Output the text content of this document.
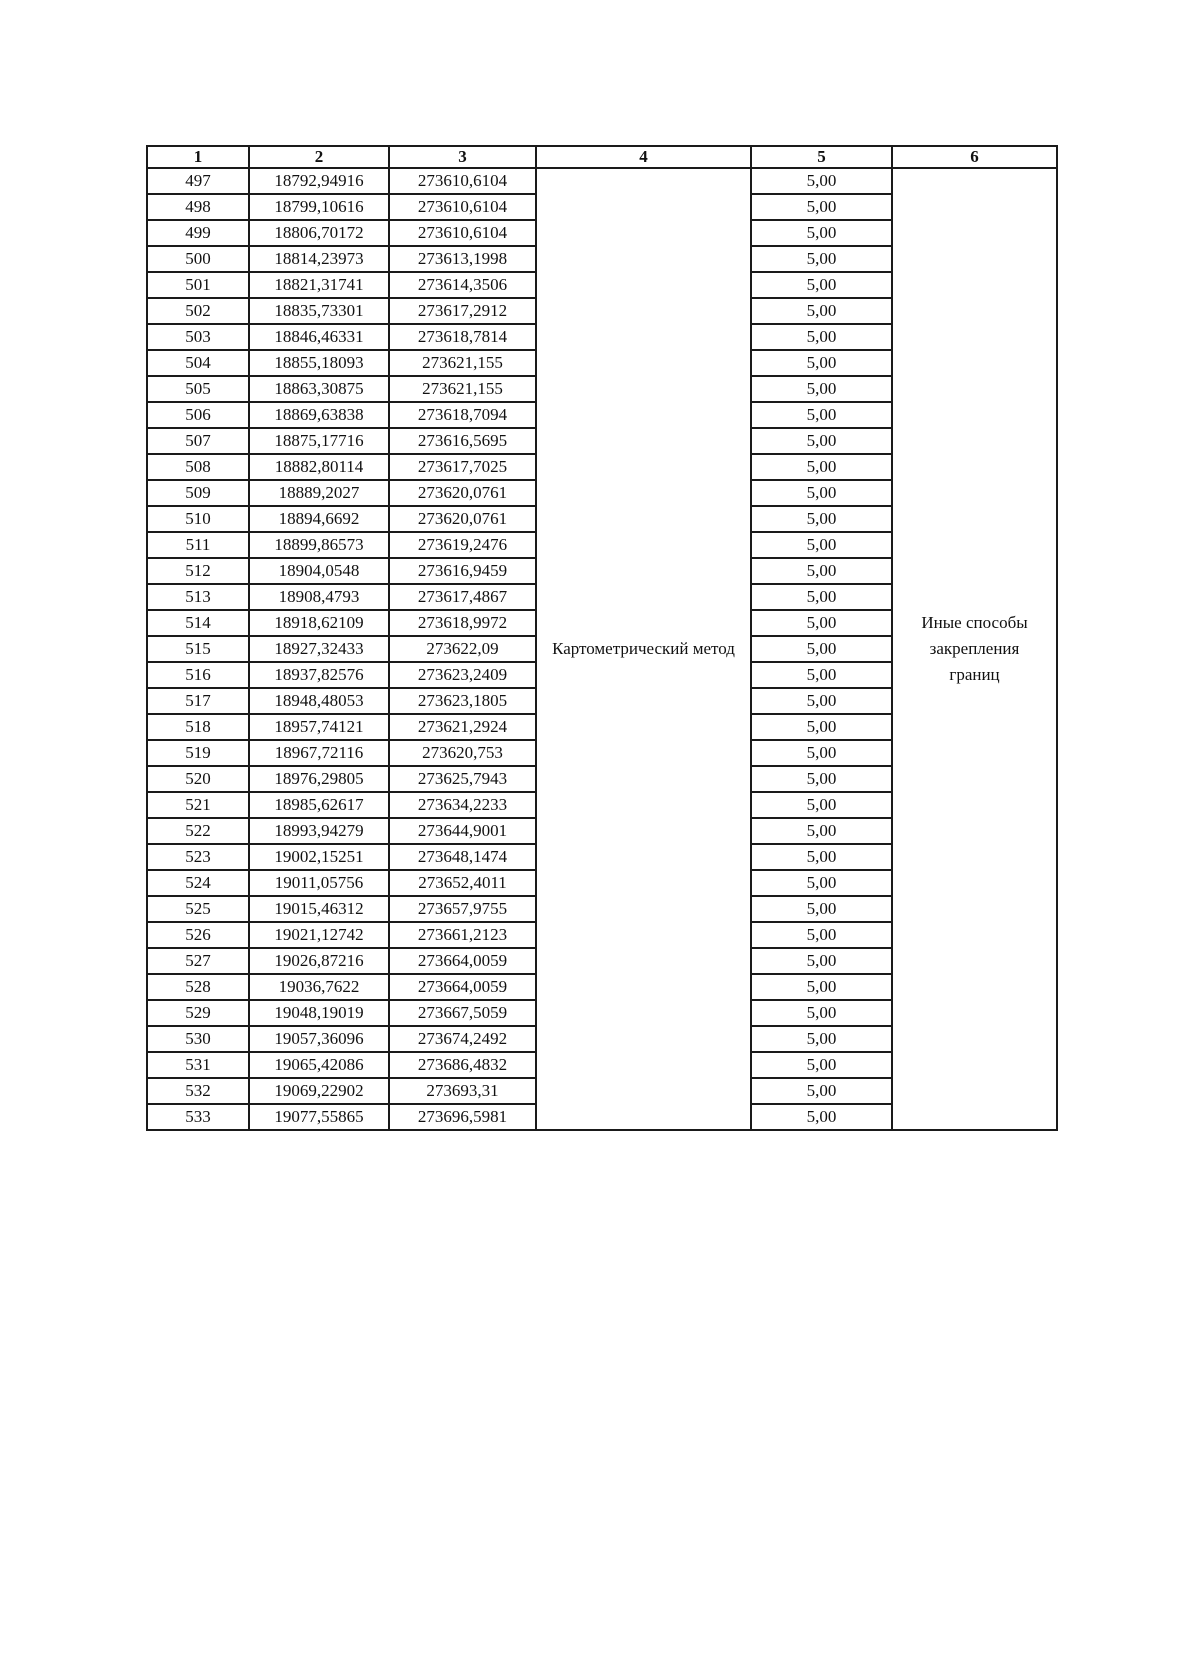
1	2	3	4	5	6
497	18792,94916	273610,6104	Картометрический метод	5,00	Иные способы закрепления границ
498	18799,10616	273610,6104		5,00	
499	18806,70172	273610,6104		5,00	
500	18814,23973	273613,1998		5,00	
501	18821,31741	273614,3506		5,00	
502	18835,73301	273617,2912		5,00	
503	18846,46331	273618,7814		5,00	
504	18855,18093	273621,155		5,00	
505	18863,30875	273621,155		5,00	
506	18869,63838	273618,7094		5,00	
507	18875,17716	273616,5695		5,00	
508	18882,80114	273617,7025		5,00	
509	18889,2027	273620,0761		5,00	
510	18894,6692	273620,0761		5,00	
511	18899,86573	273619,2476		5,00	
512	18904,0548	273616,9459		5,00	
513	18908,4793	273617,4867		5,00	
514	18918,62109	273618,9972		5,00	
515	18927,32433	273622,09		5,00	
516	18937,82576	273623,2409		5,00	
517	18948,48053	273623,1805		5,00	
518	18957,74121	273621,2924		5,00	
519	18967,72116	273620,753		5,00	
520	18976,29805	273625,7943		5,00	
521	18985,62617	273634,2233		5,00	
522	18993,94279	273644,9001		5,00	
523	19002,15251	273648,1474		5,00	
524	19011,05756	273652,4011		5,00	
525	19015,46312	273657,9755		5,00	
526	19021,12742	273661,2123		5,00	
527	19026,87216	273664,0059		5,00	
528	19036,7622	273664,0059		5,00	
529	19048,19019	273667,5059		5,00	
530	19057,36096	273674,2492		5,00	
531	19065,42086	273686,4832		5,00	
532	19069,22902	273693,31		5,00	
533	19077,55865	273696,5981		5,00	
